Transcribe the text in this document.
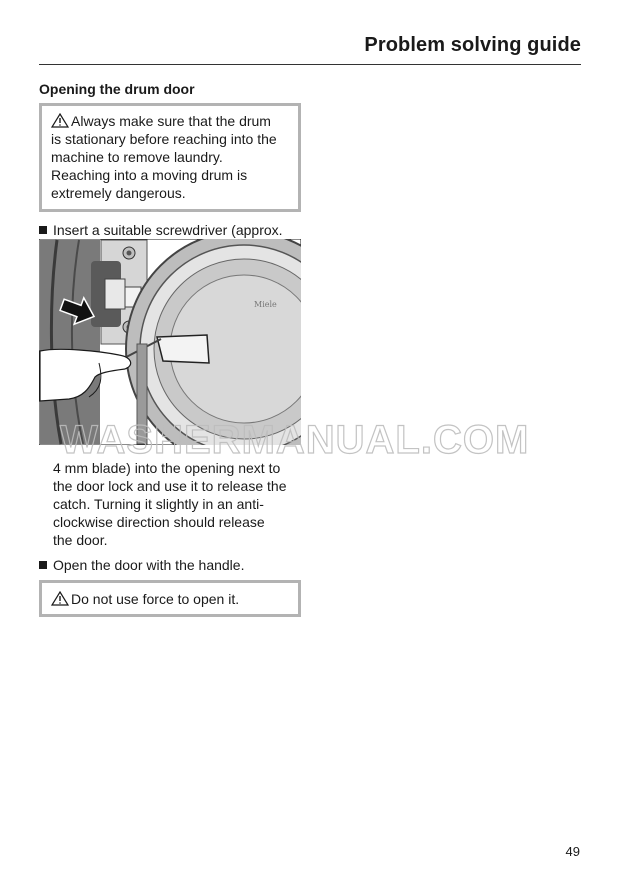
Problem solving guide
Opening the drum door
Always make sure that the drum
is stationary before reaching into the
machine to remove laundry.
Reaching into a moving drum is
extremely dangerous.
Insert a suitable screwdriver (approx.
Miele
WASHERMANUAL.COM
4 mm blade) into the opening next to
the door lock and use it to release the
catch. Turning it slightly in an anti-
clockwise direction should release
the door.
Open the door with the handle.
Do not use force to open it.
49
